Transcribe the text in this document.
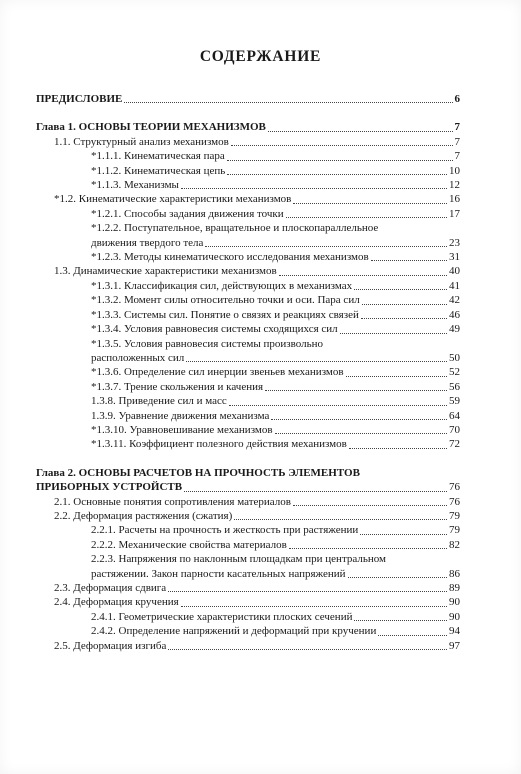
СОДЕРЖАНИЕ
ПРЕДИСЛОВИЕ	6
Глава 1. ОСНОВЫ ТЕОРИИ МЕХАНИЗМОВ	7
1.1. Структурный анализ механизмов	7
*1.1.1. Кинематическая пара	7
*1.1.2. Кинематическая цепь	10
*1.1.3. Механизмы	12
*1.2. Кинематические характеристики механизмов	16
*1.2.1. Способы задания движения точки	17
*1.2.2. Поступательное, вращательное и плоскопараллельное
движения твердого тела	23
*1.2.3. Методы кинематического исследования механизмов	31
1.3. Динамические характеристики механизмов	40
*1.3.1. Классификация сил, действующих в механизмах	41
*1.3.2. Момент силы относительно точки и оси. Пара сил	42
*1.3.3. Системы сил. Понятие о связях и реакциях связей	46
*1.3.4. Условия равновесия системы сходящихся сил	49
*1.3.5. Условия равновесия системы произвольно
расположенных сил	50
*1.3.6. Определение сил инерции звеньев механизмов	52
*1.3.7. Трение скольжения и качения	56
1.3.8. Приведение сил и масс	59
1.3.9. Уравнение движения механизма	64
*1.3.10. Уравновешивание механизмов	70
*1.3.11. Коэффициент полезного действия механизмов	72
Глава 2. ОСНОВЫ РАСЧЕТОВ НА ПРОЧНОСТЬ ЭЛЕМЕНТОВ
ПРИБОРНЫХ УСТРОЙСТВ	76
2.1. Основные понятия сопротивления материалов	76
2.2. Деформация растяжения (сжатия)	79
2.2.1. Расчеты на прочность и жесткость при растяжении	79
2.2.2. Механические свойства материалов	82
2.2.3. Напряжения по наклонным площадкам при центральном
растяжении. Закон парности касательных напряжений	86
2.3. Деформация сдвига	89
2.4. Деформация кручения	90
2.4.1. Геометрические характеристики плоских сечений	90
2.4.2. Определение напряжений и деформаций при кручении	94
2.5. Деформация изгиба	97
